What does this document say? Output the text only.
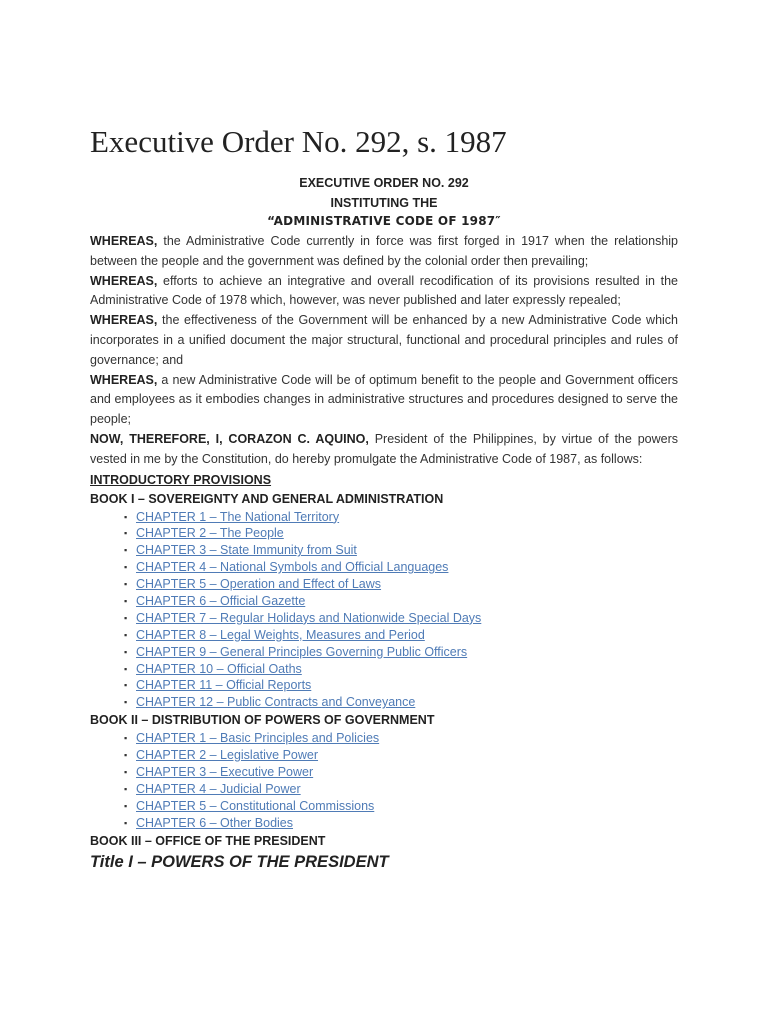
Executive Order No. 292, s. 1987
EXECUTIVE ORDER NO. 292
INSTITUTING THE
“ADMINISTRATIVE CODE OF 1987″

WHEREAS, the Administrative Code currently in force was first forged in 1917 when the relationship between the people and the government was defined by the colonial order then prevailing;

WHEREAS, efforts to achieve an integrative and overall recodification of its provisions resulted in the Administrative Code of 1978 which, however, was never published and later expressly repealed;

WHEREAS, the effectiveness of the Government will be enhanced by a new Administrative Code which incorporates in a unified document the major structural, functional and procedural principles and rules of governance; and

WHEREAS, a new Administrative Code will be of optimum benefit to the people and Government officers and employees as it embodies changes in administrative structures and procedures designed to serve the people;

NOW, THEREFORE, I, CORAZON C. AQUINO, President of the Philippines, by virtue of the powers vested in me by the Constitution, do hereby promulgate the Administrative Code of 1987, as follows:

INTRODUCTORY PROVISIONS

BOOK I – SOVEREIGNTY AND GENERAL ADMINISTRATION

▪ CHAPTER 1 – The National Territory
▪ CHAPTER 2 – The People
▪ CHAPTER 3 – State Immunity from Suit
▪ CHAPTER 4 – National Symbols and Official Languages
▪ CHAPTER 5 – Operation and Effect of Laws
▪ CHAPTER 6 – Official Gazette
▪ CHAPTER 7 – Regular Holidays and Nationwide Special Days
▪ CHAPTER 8 – Legal Weights, Measures and Period
▪ CHAPTER 9 – General Principles Governing Public Officers
▪ CHAPTER 10 – Official Oaths
▪ CHAPTER 11 – Official Reports
▪ CHAPTER 12 – Public Contracts and Conveyance

BOOK II – DISTRIBUTION OF POWERS OF GOVERNMENT

▪ CHAPTER 1 – Basic Principles and Policies
▪ CHAPTER 2 – Legislative Power
▪ CHAPTER 3 – Executive Power
▪ CHAPTER 4 – Judicial Power
▪ CHAPTER 5 – Constitutional Commissions
▪ CHAPTER 6 – Other Bodies

BOOK III – OFFICE OF THE PRESIDENT

Title I – POWERS OF THE PRESIDENT
